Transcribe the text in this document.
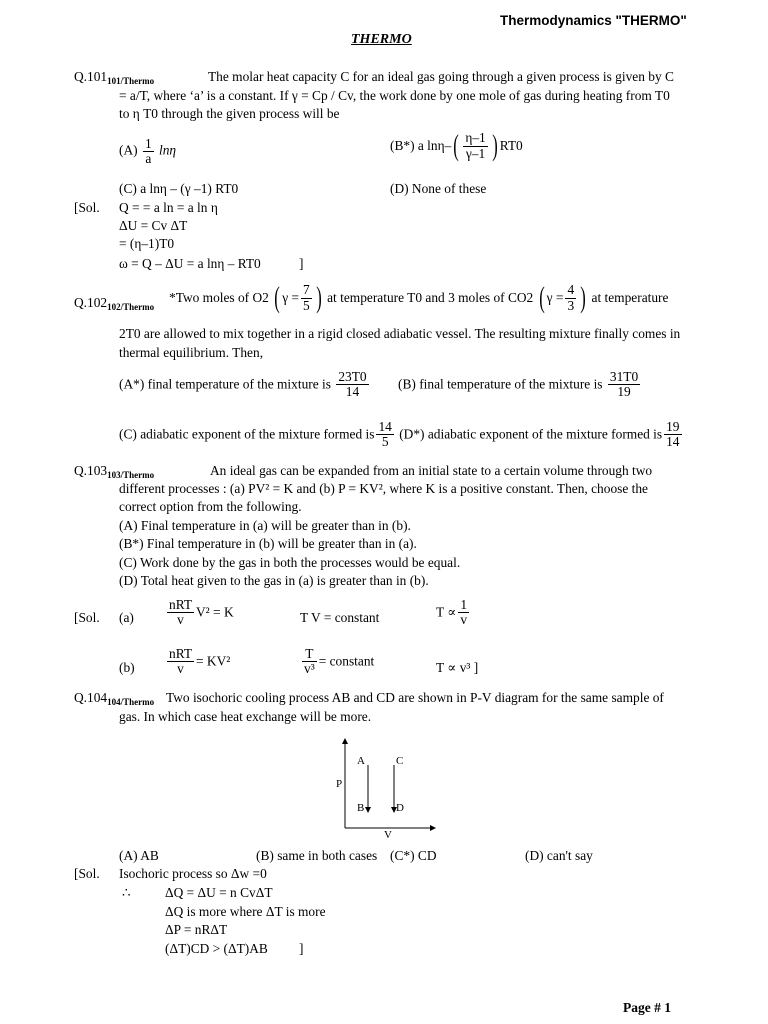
Thermodynamics "THERMO"
THERMO
$Q.101_{101/Thermo}$	The molar heat capacity C for an ideal gas going through a given process is given by C
= a/T, where ‘a’ is a constant. If γ = Cp / Cv, the work done by one mole of gas during heating from T0
to η T0 through the given process will be
$(A) \frac{1}{a}$ lnη	(B*) a $\ln\eta-( \frac{\eta-1}{\gamma-1}$ ) RT0
(C) a lnη – (γ –1) RT0	(D) None of these
[Sol. Q = = a ln = a ln η
ΔU = Cv ΔT
= (η–1)T0
ω = Q – ΔU = a lnη – RT0	]
$Q.102_{102/Thermo}$
*Two moles of O2 ( $\gamma = \frac{7}{5}$ ) at temperature T0 and 3 moles of CO2 ( $\gamma = \frac{4}{3}$ ) at temperature
2T0 are allowed to mix together in a rigid closed adiabatic vessel. The resulting mixture finally comes in
thermal equilibrium. Then,
(A*) final temperature of the mixture is $\frac{23T0}{14} (B)$ final temperature of the mixture is $\frac{31T0}{19}$
(C) adiabatic exponent of the mixture formed is $\frac{14}{5} (D*)$ adiabatic exponent of the mixture formed is $\frac{19}{14}$
$Q.103_{103/Thermo}$	An ideal gas can be expanded from an initial state to a certain volume through two
different processes : (a) PV² = K and (b) P = KV², where K is a positive constant. Then, choose the
correct option from the following.
(A) Final temperature in (a) will be greater than in (b).
(B*) Final temperature in (b) will be greater than in (a).
(C) Work done by the gas in both the processes would be equal.
(D) Total heat given to the gas in (a) is greater than in (b).
[Sol. $(a) \frac{\text{nRT}}{v} V^2 = K$	T V = constant	$T \propto \frac{1}{v}$
$(b) \frac{\text{nRT}}{v} = KV^2$	$\frac{T}{\text{v³}}$ = constant	T ∝ v³ ]
$Q.104_{104/Thermo}$ Two isochoric cooling process AB and CD are shown in P-V diagram for the same sample of
gas. In which case heat exchange will be more.
P
V
A
B
C
D
(A) AB	(B) same in both cases (C*) CD	(D) can't say
[Sol. Isochoric process so Δw =0
∴	ΔQ = ΔU = n CvΔT
ΔQ is more where ΔT is more
ΔP = nRΔT
(ΔT)CD > (ΔT)AB ]
Page # 1
